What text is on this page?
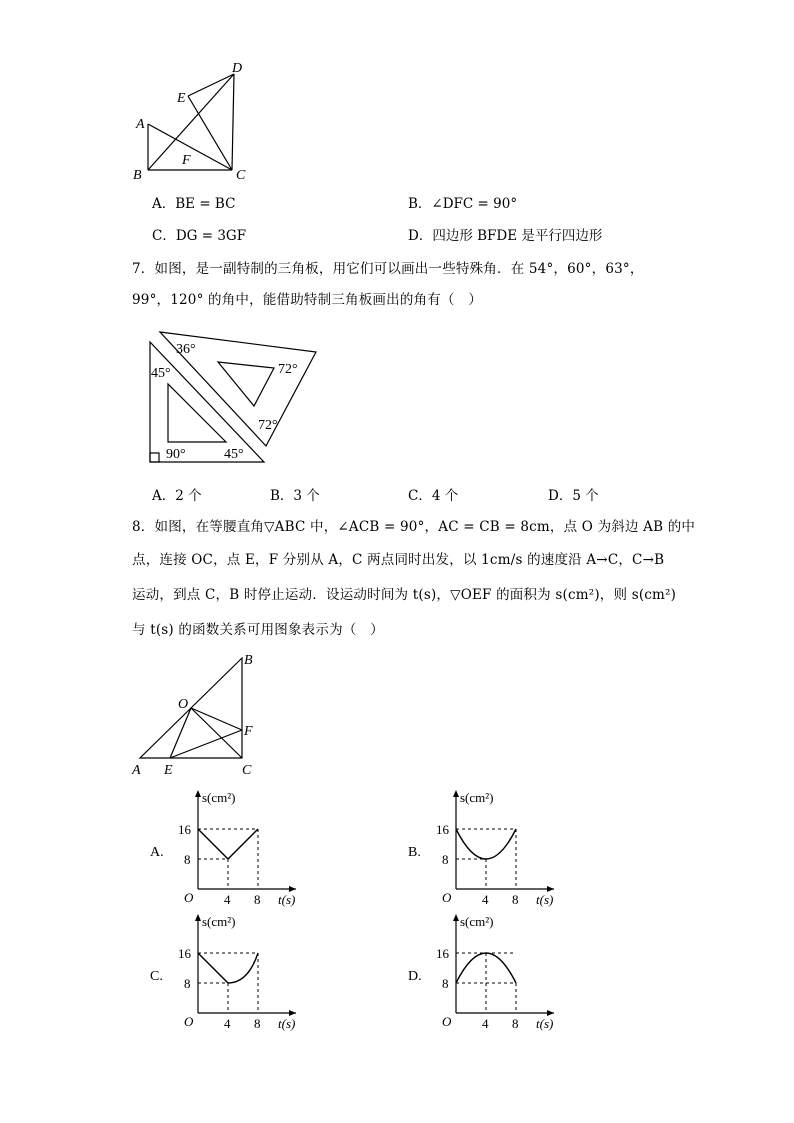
D
E
A
F
B	C
A．BE = BC	B．∠DFC = 90°
C．DG = 3GF	D．四边形 BFDE 是平行四边形
7．如图，是一副特制的三角板，用它们可以画出一些特殊角．在 54°，60°，63°，
99°，120° 的角中，能借助特制三角板画出的角有（　）
36°
72°
45°
72°
90°	45°
A．2 个	B．3 个	C．4 个	D．5 个
8．如图，在等腰直角▽ABC 中，∠ACB = 90°，AC = CB = 8cm，点 O 为斜边 AB 的中
点，连接 OC，点 E，F 分别从 A，C 两点同时出发，以 1cm/s 的速度沿 A→C，C→B
运动，到点 C，B 时停止运动．设运动时间为 t(s)，▽OEF 的面积为 s(cm²)，则 s(cm²)
与 t(s) 的函数关系可用图象表示为（　）
B
O
F
A E	C
A.
s(cm²)
16
8
O 4 8 t(s)
B.
s(cm²)
16
8
O 4 8 t(s)
C.
s(cm²)
16
8
O 4 8 t(s)
D.
s(cm²)
16
8
O 4 8 t(s)
